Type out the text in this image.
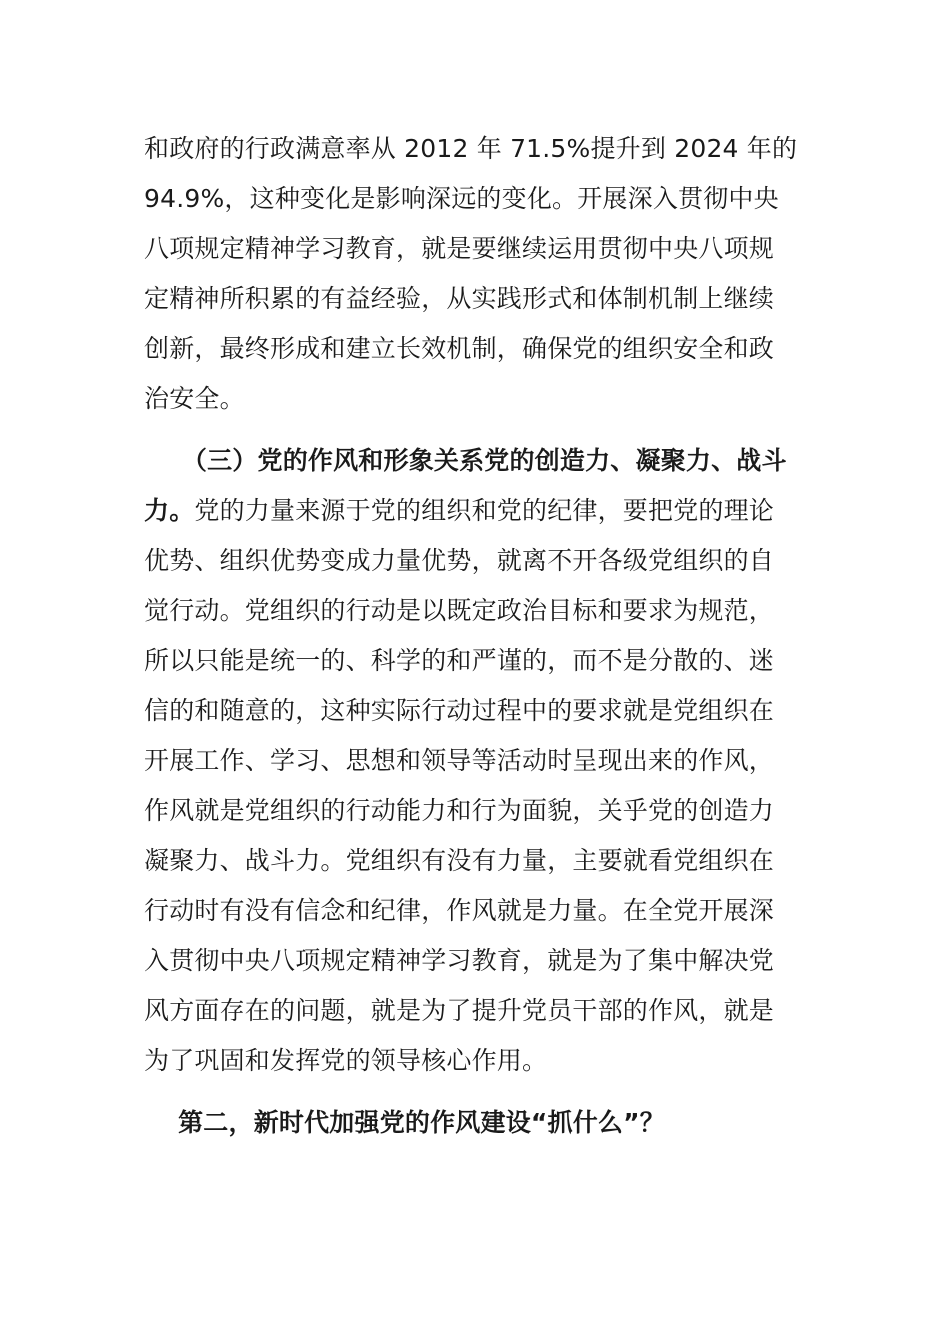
和政府的行政满意率从 2012 年 71.5%提升到 2024 年的
94.9%，这种变化是影响深远的变化。开展深入贯彻中央
八项规定精神学习教育，就是要继续运用贯彻中央八项规
定精神所积累的有益经验，从实践形式和体制机制上继续
创新，最终形成和建立长效机制，确保党的组织安全和政
治安全。
　　（三）党的作风和形象关系党的创造力、凝聚力、战斗
力。党的力量来源于党的组织和党的纪律，要把党的理论
优势、组织优势变成力量优势，就离不开各级党组织的自
觉行动。党组织的行动是以既定政治目标和要求为规范，
所以只能是统一的、科学的和严谨的，而不是分散的、迷
信的和随意的，这种实际行动过程中的要求就是党组织在
开展工作、学习、思想和领导等活动时呈现出来的作风，
作风就是党组织的行动能力和行为面貌，关乎党的创造力
凝聚力、战斗力。党组织有没有力量，主要就看党组织在
行动时有没有信念和纪律，作风就是力量。在全党开展深
入贯彻中央八项规定精神学习教育，就是为了集中解决党
风方面存在的问题，就是为了提升党员干部的作风，就是
为了巩固和发挥党的领导核心作用。
　 第二，新时代加强党的作风建设“抓什么”？
